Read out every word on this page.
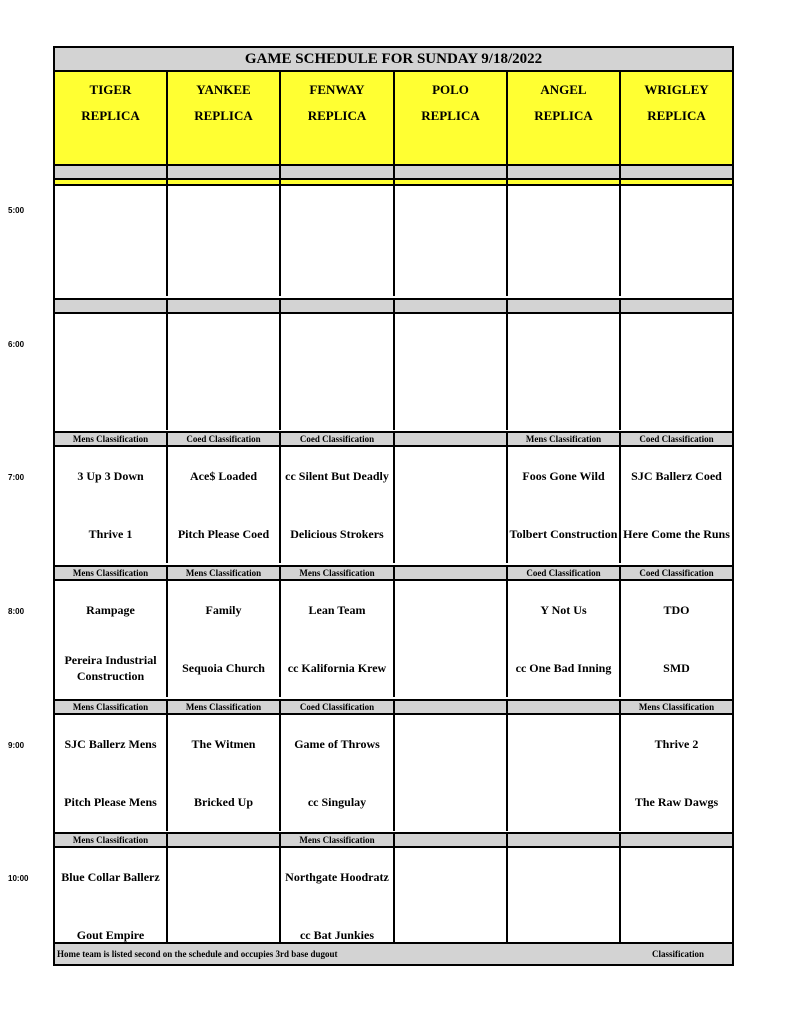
GAME SCHEDULE FOR SUNDAY 9/18/2022
TIGER
REPLICA
YANKEE
REPLICA
FENWAY
REPLICA
POLO
REPLICA
ANGEL
REPLICA
WRIGLEY
REPLICA
Mens Classification
3 Up 3 Down
Thrive 1
Coed Classification
Ace$ Loaded
Pitch Please Coed
Coed Classification
cc Silent But Deadly
Delicious Strokers
Mens Classification
Foos Gone Wild
Tolbert Construction
Coed Classification
SJC Ballerz Coed
Here Come the Runs
Mens Classification
Rampage
Pereira Industrial Construction
Mens Classification
Family
Sequoia Church
Mens Classification
Lean Team
cc Kalifornia Krew
Coed Classification
Y Not Us
cc One Bad Inning
Coed Classification
TDO
SMD
Mens Classification
SJC Ballerz Mens
Pitch Please Mens
Mens Classification
The Witmen
Bricked Up
Coed Classification
Game of Throws
cc Singulay
Mens Classification
Thrive 2
The Raw Dawgs
Mens Classification
Blue Collar Ballerz
Gout Empire
Mens Classification
Northgate Hoodratz
cc Bat Junkies
Home team is listed second on the schedule and occupies 3rd base dugout	Classification
5:00
6:00
7:00
8:00
9:00
10:00
